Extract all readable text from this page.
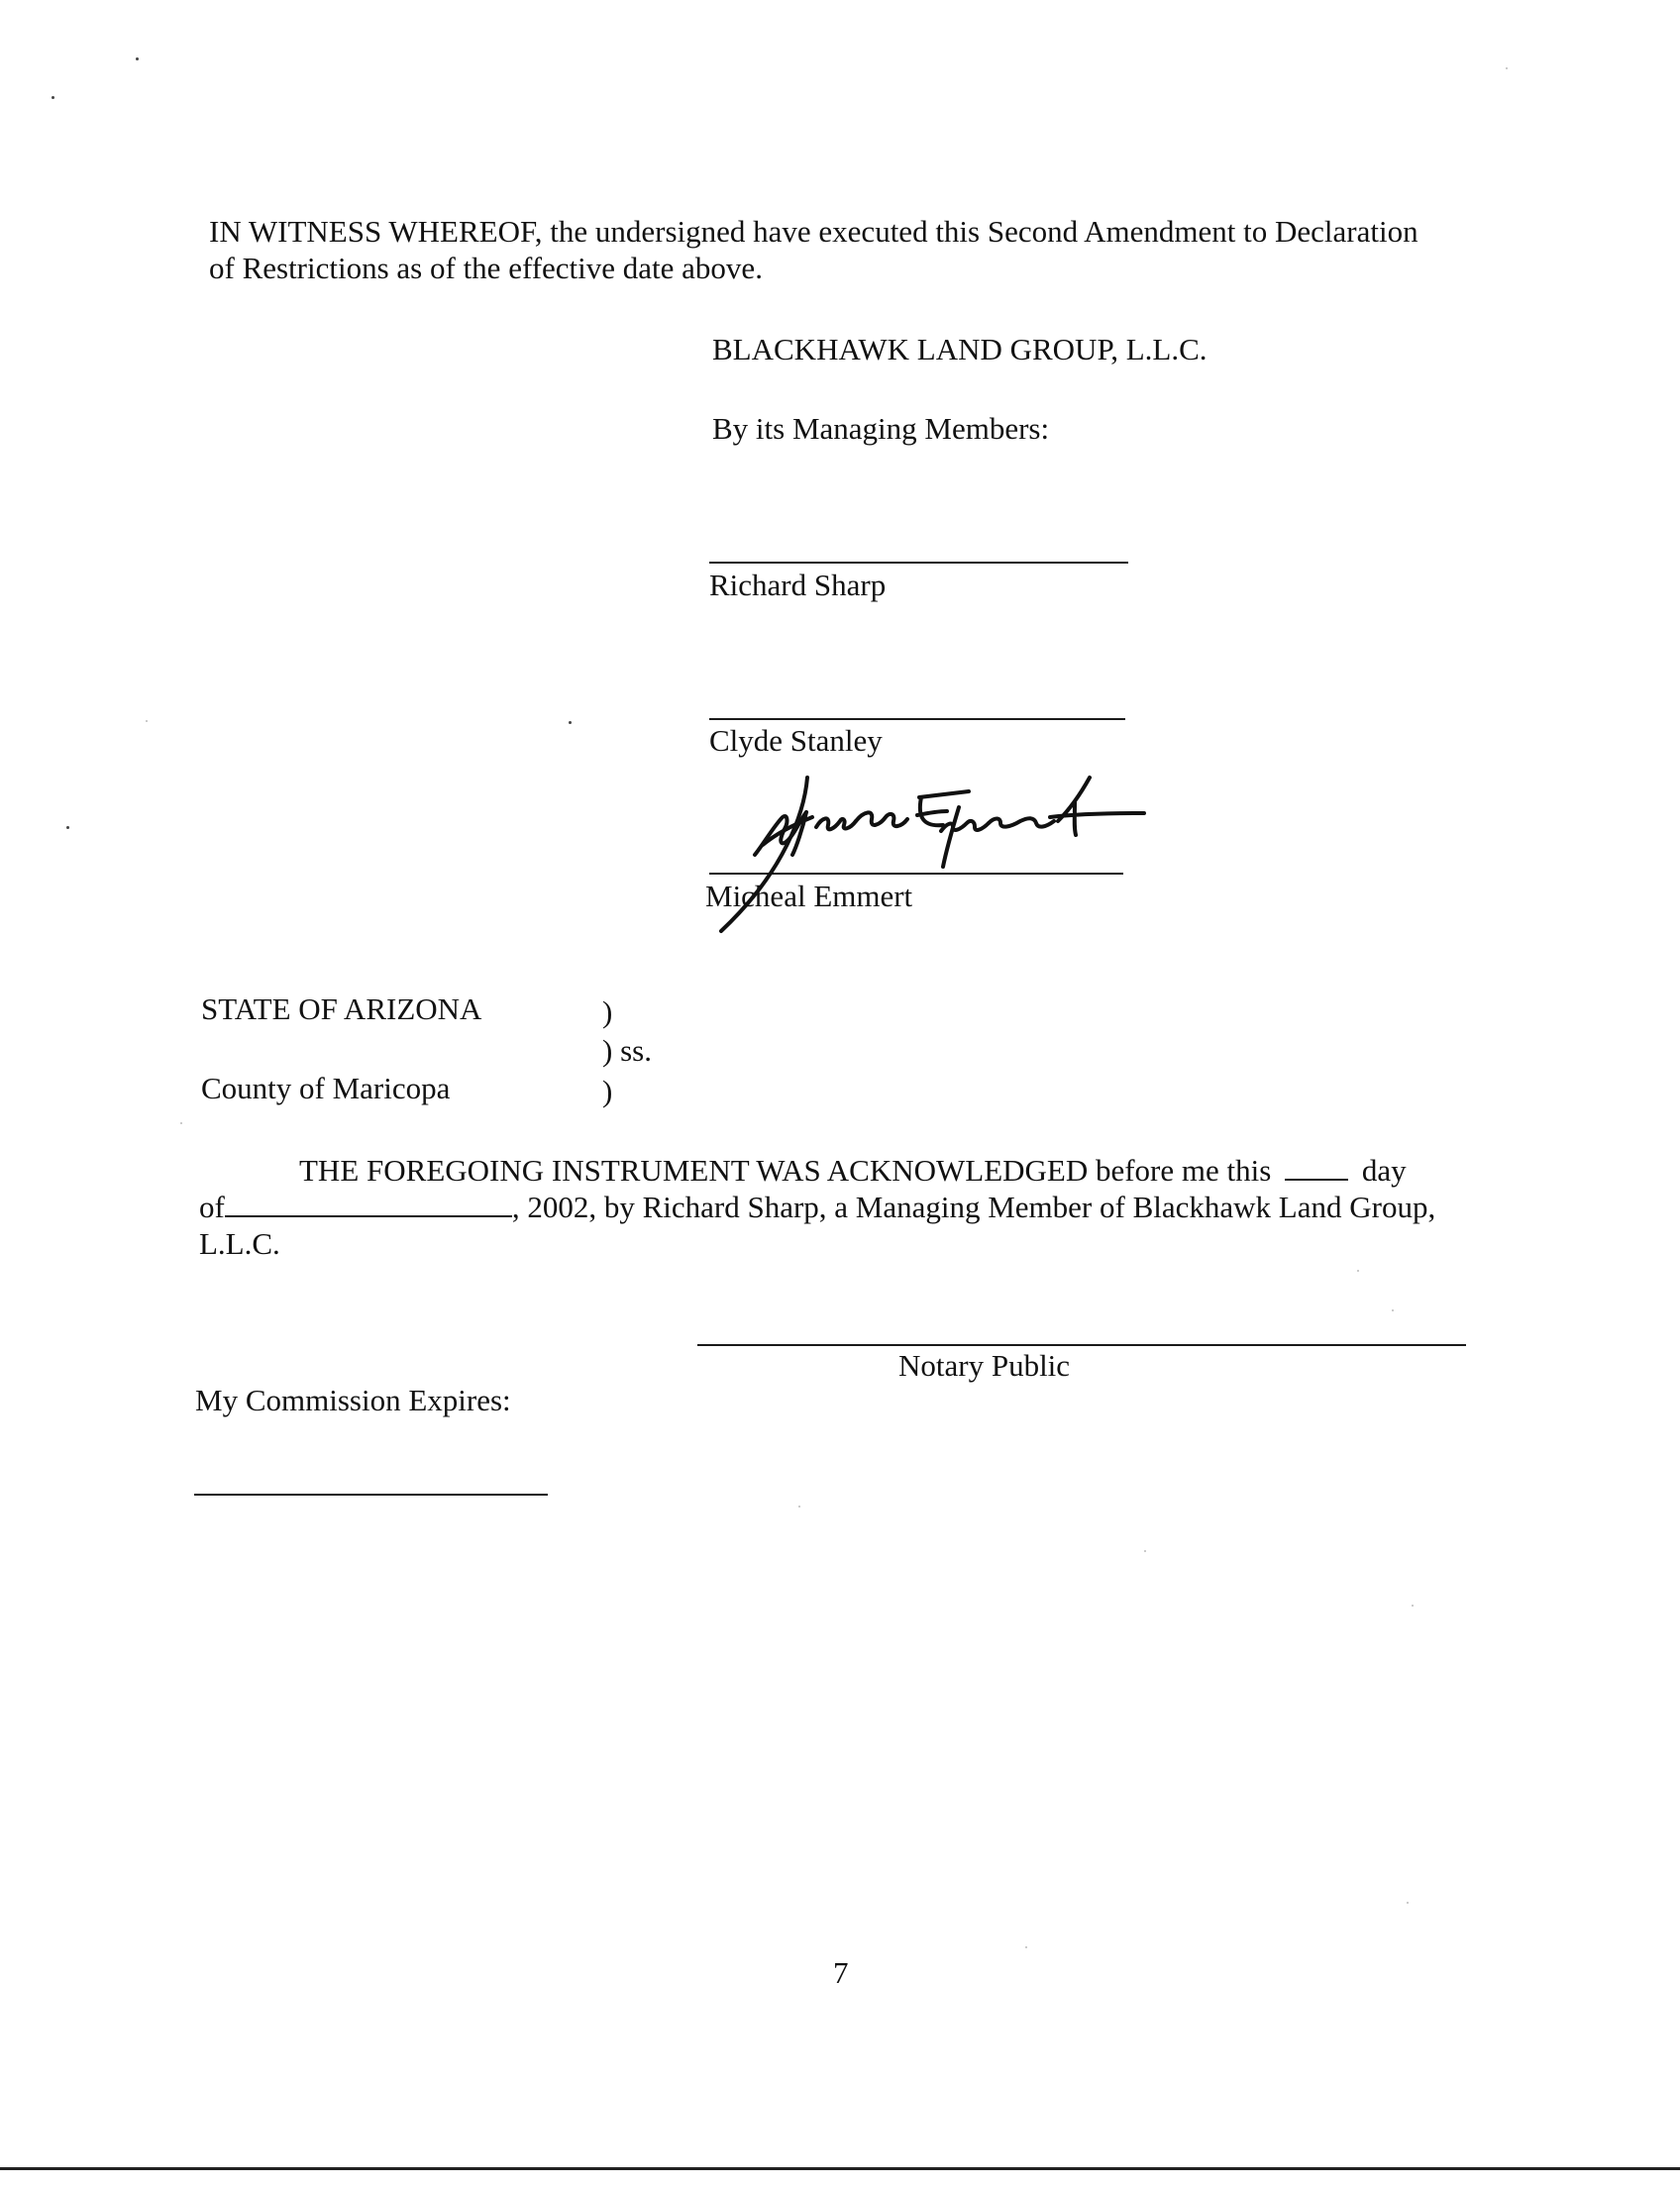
IN WITNESS WHEREOF, the undersigned have executed this Second Amendment to Declaration
of Restrictions as of the effective date above.
BLACKHAWK LAND GROUP, L.L.C.
By its Managing Members:
Richard Sharp
Clyde Stanley
Micheal Emmert
STATE OF ARIZONA	)
) ss.
County of Maricopa	)
THE FOREGOING INSTRUMENT WAS ACKNOWLEDGED before me this	day
of	, 2002, by Richard Sharp, a Managing Member of Blackhawk Land Group,
L.L.C.
Notary Public
My Commission Expires:
7
